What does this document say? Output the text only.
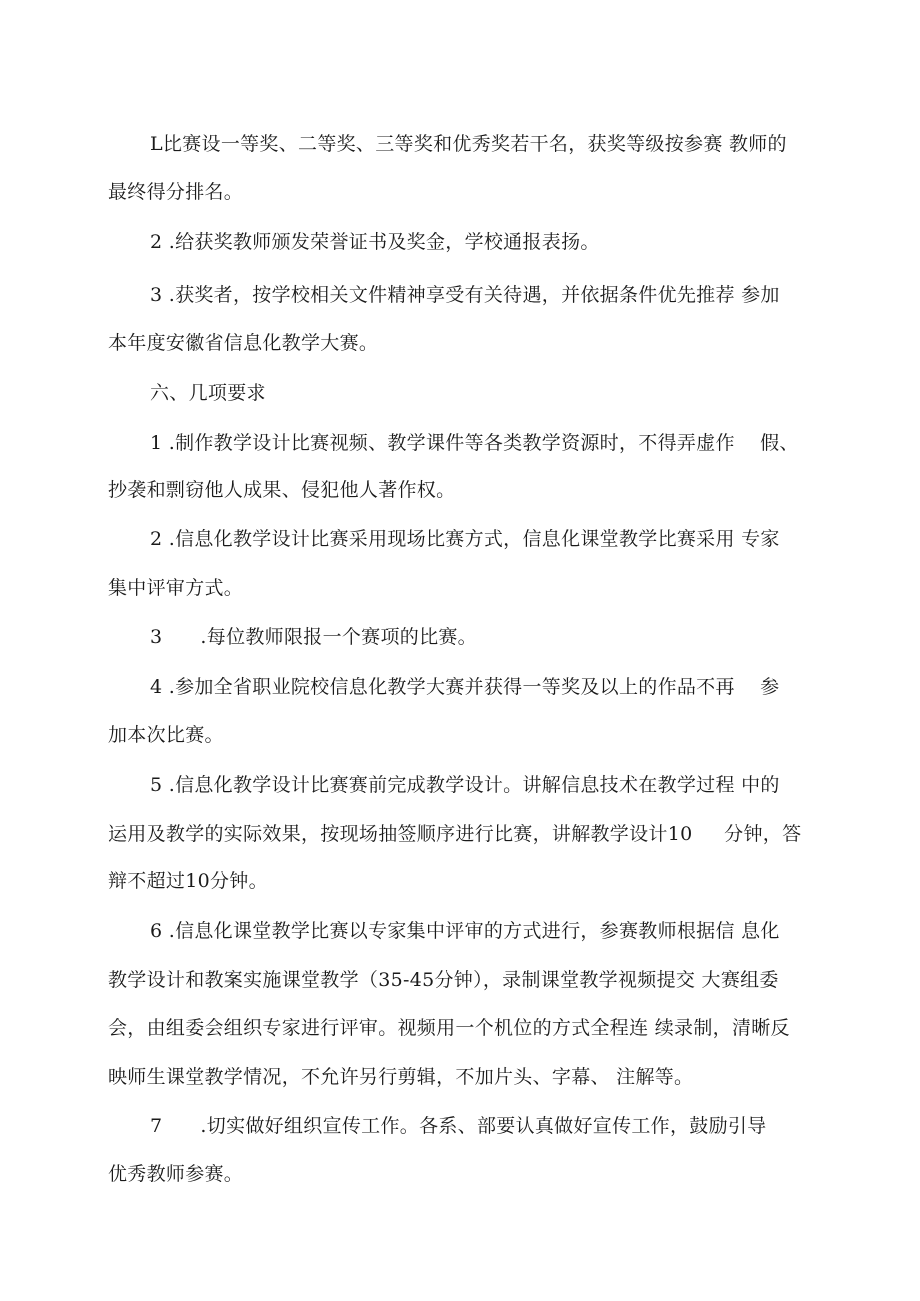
L比赛设一等奖、二等奖、三等奖和优秀奖若干名，获奖等级按参赛 教师的
最终得分排名。
2 .给获奖教师颁发荣誉证书及奖金，学校通报表扬。
3 .获奖者，按学校相关文件精神享受有关待遇，并依据条件优先推荐 参加
本年度安徽省信息化教学大赛。
六、几项要求
1 .制作教学设计比赛视频、教学课件等各类教学资源时，不得弄虚作    假、
抄袭和剽窃他人成果、侵犯他人著作权。
2 .信息化教学设计比赛采用现场比赛方式，信息化课堂教学比赛采用 专家
集中评审方式。
3      .每位教师限报一个赛项的比赛。
4 .参加全省职业院校信息化教学大赛并获得一等奖及以上的作品不再    参
加本次比赛。
5 .信息化教学设计比赛赛前完成教学设计。讲解信息技术在教学过程 中的
运用及教学的实际效果，按现场抽签顺序进行比赛，讲解教学设计10     分钟，答
辩不超过10分钟。
6 .信息化课堂教学比赛以专家集中评审的方式进行，参赛教师根据信 息化
教学设计和教案实施课堂教学（35-45分钟），录制课堂教学视频提交 大赛组委
会，由组委会组织专家进行评审。视频用一个机位的方式全程连 续录制，清晰反
映师生课堂教学情况，不允许另行剪辑，不加片头、字幕、 注解等。
7      .切实做好组织宣传工作。各系、部要认真做好宣传工作，鼓励引导
优秀教师参赛。
